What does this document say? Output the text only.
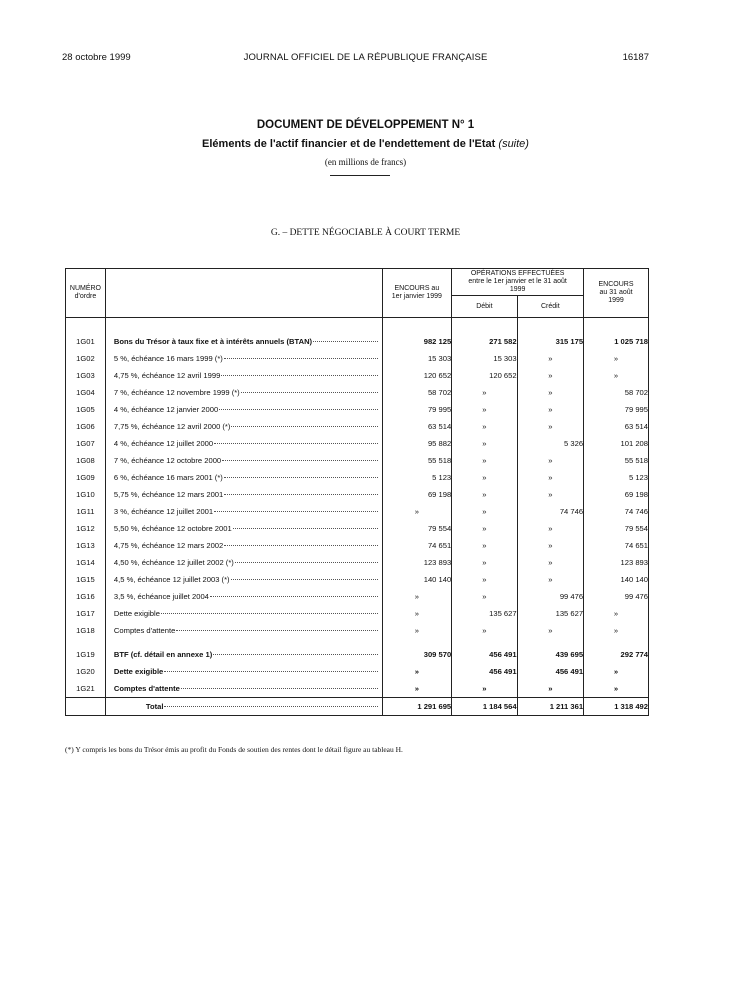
28 octobre 1999	JOURNAL OFFICIEL DE LA RÉPUBLIQUE FRANÇAISE	16187
DOCUMENT DE DÉVELOPPEMENT N° 1
Eléments de l'actif financier et de l'endettement de l'Etat (suite)
(en millions de francs)
G. – DETTE NÉGOCIABLE À COURT TERME
NUMÉRO d'ordre		ENCOURS au 1er janvier 1999	OPÉRATIONS EFFECTUÉES entre le 1er janvier et le 31 août 1999		ENCOURS au 31 août 1999
			Débit	Crédit	

1G01	Bons du Trésor à taux fixe et à intérêts annuels (BTAN)	982 125	271 582	315 175	1 025 718
1G02	5 %, échéance 16 mars 1999 (*)	15 303	15 303	»	»
1G03	4,75 %, échéance 12 avril 1999	120 652	120 652	»	»
1G04	7 %, échéance 12 novembre 1999 (*)	58 702	»	»	58 702
1G05	4 %, échéance 12 janvier 2000	79 995	»	»	79 995
1G06	7,75 %, échéance 12 avril 2000 (*)	63 514	»	»	63 514
1G07	4 %, échéance 12 juillet 2000	95 882	»	5 326	101 208
1G08	7 %, échéance 12 octobre 2000	55 518	»	»	55 518
1G09	6 %, échéance 16 mars 2001 (*)	5 123	»	»	5 123
1G10	5,75 %, échéance 12 mars 2001	69 198	»	»	69 198
1G11	3 %, échéance 12 juillet 2001	»	»	74 746	74 746
1G12	5,50 %, échéance 12 octobre 2001	79 554	»	»	79 554
1G13	4,75 %, échéance 12 mars 2002	74 651	»	»	74 651
1G14	4,50 %, échéance 12 juillet 2002 (*)	123 893	»	»	123 893
1G15	4,5 %, échéance 12 juillet 2003 (*)	140 140	»	»	140 140
1G16	3,5 %, échéance juillet 2004	»	»	99 476	99 476
1G17	Dette exigible	»	135 627	135 627	»
1G18	Comptes d'attente	»	»	»	»

1G19	BTF (cf. détail en annexe 1)	309 570	456 491	439 695	292 774
1G20	Dette exigible	»	456 491	456 491	»
1G21	Comptes d'attente	»	»	»	»

	Total	1 291 695	1 184 564	1 211 361	1 318 492
(*) Y compris les bons du Trésor émis au profit du Fonds de soutien des rentes dont le détail figure au tableau H.
